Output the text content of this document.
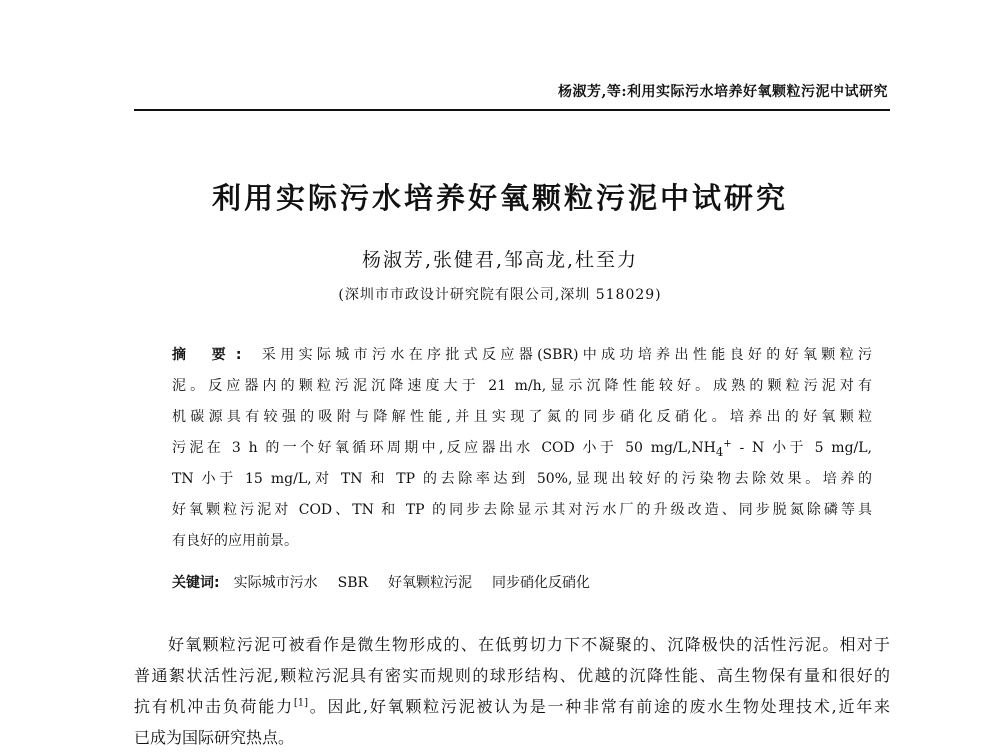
杨淑芳,等:利用实际污水培养好氧颗粒污泥中试研究
利用实际污水培养好氧颗粒污泥中试研究
杨淑芳,张健君,邹高龙,杜至力
(深圳市市政设计研究院有限公司,深圳 518029)
摘 要: 采用实际城市污水在序批式反应器(SBR)中成功培养出性能良好的好氧颗粒污
泥。反应器内的颗粒污泥沉降速度大于 21 m/h,显示沉降性能较好。成熟的颗粒污泥对有
机碳源具有较强的吸附与降解性能,并且实现了氮的同步硝化反硝化。培养出的好氧颗粒
污泥在 3 h 的一个好氧循环周期中,反应器出水 COD 小于 50 $mg/L,NH_4^+$ - N 小于 5 mg/L,
TN 小于 15 mg/L,对 TN 和 TP 的去除率达到 50%,显现出较好的污染物去除效果。培养的
好氧颗粒污泥对 COD、TN 和 TP 的同步去除显示其对污水厂的升级改造、同步脱氮除磷等具
有良好的应用前景。
关键词: 实际城市污水 SBR 好氧颗粒污泥 同步硝化反硝化
好氧颗粒污泥可被看作是微生物形成的、在低剪切力下不凝聚的、沉降极快的活性污泥。相对于
普通絮状活性污泥,颗粒污泥具有密实而规则的球形结构、优越的沉降性能、高生物保有量和很好的
抗有机冲击负荷能力[1]。因此,好氧颗粒污泥被认为是一种非常有前途的废水生物处理技术,近年来
已成为国际研究热点。
